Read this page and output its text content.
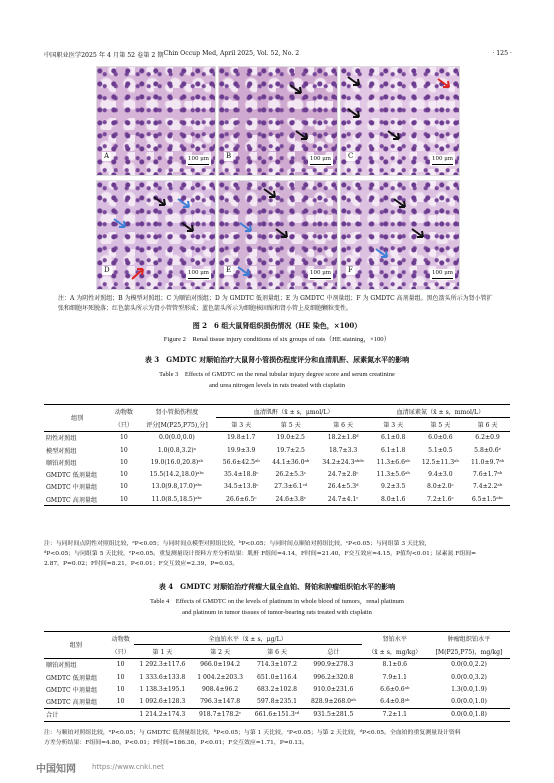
中国职业医学 2025 年 4 月第 52 卷第 2 期 Chin Occup Med, April 2025, Vol. 52, No. 2	· 125 ·
A	100 μm B	100 μm C	100 μm
D	100 μm E	100 μm F	100 μm
注：A 为阴性对照组；B 为模型对照组；C 为顺铂对照组；D 为 GMDTC 低剂量组；E 为 GMDTC 中剂量组；F 为 GMDTC 高剂量组。黑色箭头所示为肾小管扩张和细胞坏死脱落；红色箭头所示为肾小管管型形成；蓝色箭头所示为细胞核固缩和肾小管上皮细胞颗粒变性。
图 2　6 组大鼠肾组织损伤情况（HE 染色，×100）
Figure 2　Renal tissue injury conditions of six groups of rats（HE staining，×100）
表 3　GMDTC 对顺铂治疗大鼠肾小管损伤程度评分和血清肌酐、尿素氮水平的影响
Table 3　Effects of GMDTC on the renal tubular injury degree score and serum creatinine
and urea nitrogen levels in rats treated with cisplatin
组别	动物数	肾小管损伤程度	血清肌酐（x̄ ± s，μmol/L）			血清尿素氮（x̄ ± s，mmol/L）		
	（只）	评分[M(P25,P75),分]	第 3 天	第 5 天	第 6 天	第 3 天	第 5 天	第 6 天
阴性对照组	10	0.0(0.0,0.0)	19.8±1.7	19.0±2.5	18.2±1.8ᵈ	6.1±0.8	6.0±0.6	6.2±0.9
模型对照组	10	1.0(0.8,3.2)ᵃ	19.9±3.9	19.7±2.5	18.7±3.3	6.1±1.8	5.1±0.5	5.8±0.6ᵉ
顺铂对照组	10	19.0(16.0,20.8)ᵃᵇ	56.6±42.5ᵃᵇ	44.1±36.0ᵃᵇ	34.2±24.3ᵃᵇᵈᵉ	11.3±6.6ᵃᵇ	12.5±11.3ᵃᵇ	11.0±9.7ᵃᵇ
GMDTC 低剂量组	10	15.5(14.2,18.0)ᵃᵇᶜ	35.4±18.8ᶜ	26.2±5.3ᶜ	24.7±2.8ᶜ	11.3±5.6ᵃᵇ	9.4±3.0	7.6±1.7ᵃᵇ
GMDTC 中剂量组	10	13.0(9.8,17.0)ᵃᵇᶜ	34.5±13.8ᶜ	27.3±6.1ᶜᵈ	26.4±5.3ᵈ	9.2±3.5	8.0±2.0ᶜ	7.4±2.2ᵃᵇ
GMDTC 高剂量组	10	11.0(8.5,18.5)ᵃᵇᶜ	26.6±6.5ᶜ	24.6±3.8ᶜ	24.7±4.1ᶜ	8.0±1.6	7.2±1.6ᶜ	6.5±1.5ᵃᵇᶜ
注：与同时间点阴性对照组比较，ᵃP<0.05；与同时间点模型对照组比较，ᵇP<0.05；与同时间点顺铂对照组比较，ᶜP<0.05；与同组第 3 天比较，
ᵈP<0.05；与同组第 5 天比较，ᵉP<0.05。重复测量设计资料方差分析结果：肌酐 F组间=4.14，F时间=21.40，F交互效应=4.15，P值均<0.01；尿素氮 F组间=
2.87，P=0.02；F时间=8.21，P<0.01；F交互效应=2.39，P=0.03。
表 4　GMDTC 对顺铂治疗荷瘤大鼠全血铂、肾铂和肿瘤组织铂水平的影响
Table 4　Effects of GMDTC on the levels of platinum in whole blood of tumors，renal platinum
and platinum in tumor tissues of tumor-bearing rats treated with cisplatin
组别	动物数	全血铂水平（x̄ ± s，μg/L）				肾铂水平	肿瘤组织铂水平
	（只）	第 1 天	第 2 天	第 6 天	总计	（x̄ ± s，mg/kg）	[M(P25,P75)，mg/kg]
顺铂对照组	10	1 292.3±117.6	966.0±194.2	714.3±107.2	990.9±278.3	8.1±0.6	0.0(0.0,2.2)
GMDTC 低剂量组	10	1 333.6±133.8	1 004.2±203.3	651.0±116.4	996.2±320.8	7.9±1.1	0.0(0.0,3.2)
GMDTC 中剂量组	10	1 138.3±195.1	908.4±96.2	683.2±102.8	910.0±231.6	6.6±0.6ᵃᵇ	1.3(0.0,1.9)
GMDTC 高剂量组	10	1 092.6±128.3	796.3±147.8	597.8±235.1	828.9±268.0ᵃᵇ	6.4±0.8ᵃᵇ	0.0(0.0,1.0)
合计		1 214.2±174.3	918.7±178.2ᶜ	661.6±151.3ᶜᵈ	931.5±281.5	7.2±1.1	0.0(0.0,1.8)
注：与顺铂对照组比较，ᵃP<0.05；与 GMDTC 低剂量组比较，ᵇP<0.05；与第 1 天比较，ᶜP<0.05；与第 2 天比较，ᵈP<0.05。全血铂的重复测量设计资料
方差分析结果：F组间=4.80，P<0.01；F时间=186.36，P<0.01；F交互效应=1.71，P=0.13。
中国知网 https://www.cnki.net
